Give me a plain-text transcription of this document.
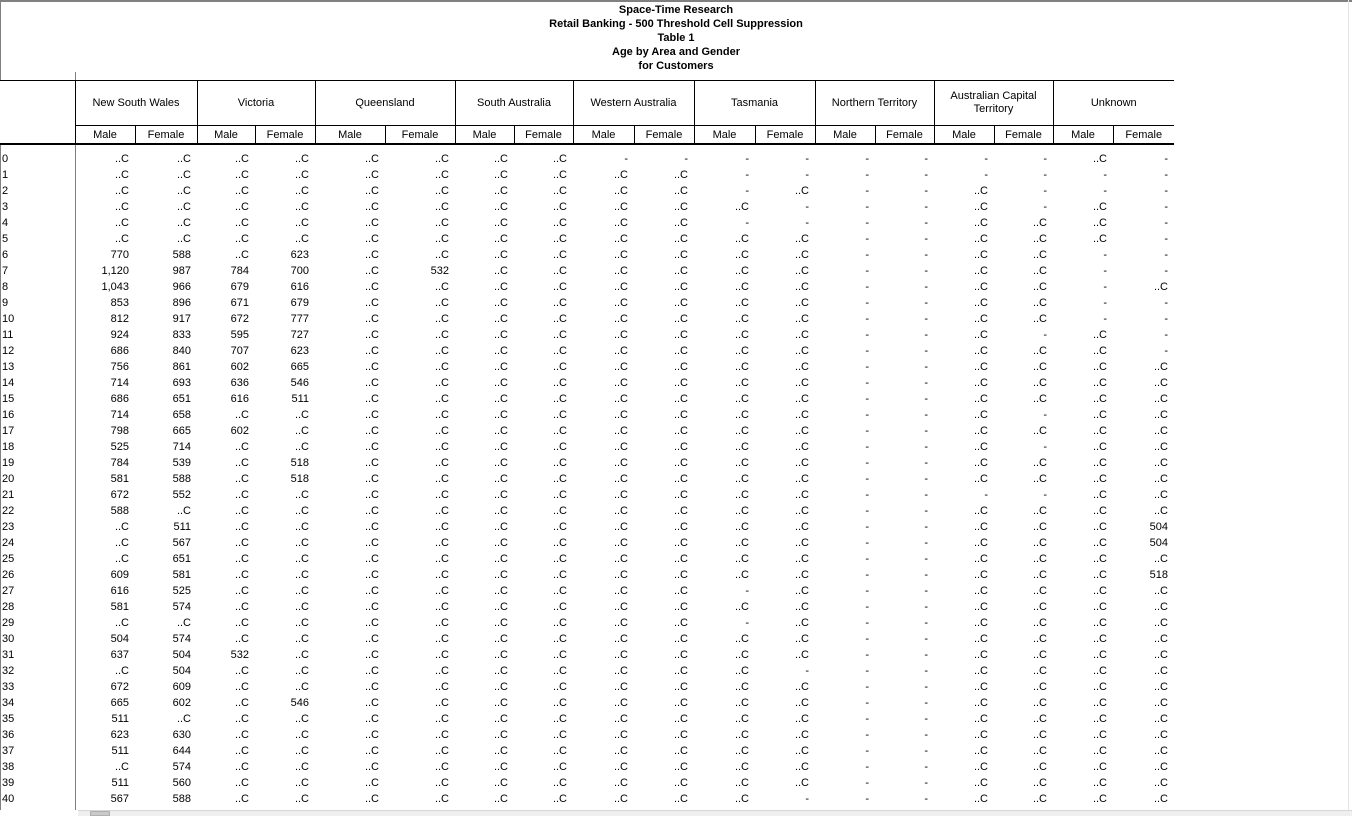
Space-Time Research
Retail Banking - 500 Threshold Cell Suppression
Table 1
Age by Area and Gender
for Customers
	New South Wales		Victoria		Queensland		South Australia		Western Australia		Tasmania		Northern Territory		Australian Capital Territory		Unknown	
	Male	Female	Male	Female	Male	Female	Male	Female	Male	Female	Male	Female	Male	Female	Male	Female	Male	Female

0	..C	..C	..C	..C	..C	..C	..C	..C	-	-	-	-	-	-	-	-	..C	-
1	..C	..C	..C	..C	..C	..C	..C	..C	..C	..C	-	-	-	-	-	-	-	-
2	..C	..C	..C	..C	..C	..C	..C	..C	..C	..C	-	..C	-	-	..C	-	-	-
3	..C	..C	..C	..C	..C	..C	..C	..C	..C	..C	..C	-	-	-	..C	-	..C	-
4	..C	..C	..C	..C	..C	..C	..C	..C	..C	..C	-	-	-	-	..C	..C	..C	-
5	..C	..C	..C	..C	..C	..C	..C	..C	..C	..C	..C	..C	-	-	..C	..C	..C	-
6	770	588	..C	623	..C	..C	..C	..C	..C	..C	..C	..C	-	-	..C	..C	-	-
7	1,120	987	784	700	..C	532	..C	..C	..C	..C	..C	..C	-	-	..C	..C	-	-
8	1,043	966	679	616	..C	..C	..C	..C	..C	..C	..C	..C	-	-	..C	..C	-	..C
9	853	896	671	679	..C	..C	..C	..C	..C	..C	..C	..C	-	-	..C	..C	-	-
10	812	917	672	777	..C	..C	..C	..C	..C	..C	..C	..C	-	-	..C	..C	-	-
11	924	833	595	727	..C	..C	..C	..C	..C	..C	..C	..C	-	-	..C	-	..C	-
12	686	840	707	623	..C	..C	..C	..C	..C	..C	..C	..C	-	-	..C	..C	..C	-
13	756	861	602	665	..C	..C	..C	..C	..C	..C	..C	..C	-	-	..C	..C	..C	..C
14	714	693	636	546	..C	..C	..C	..C	..C	..C	..C	..C	-	-	..C	..C	..C	..C
15	686	651	616	511	..C	..C	..C	..C	..C	..C	..C	..C	-	-	..C	..C	..C	..C
16	714	658	..C	..C	..C	..C	..C	..C	..C	..C	..C	..C	-	-	..C	-	..C	..C
17	798	665	602	..C	..C	..C	..C	..C	..C	..C	..C	..C	-	-	..C	..C	..C	..C
18	525	714	..C	..C	..C	..C	..C	..C	..C	..C	..C	..C	-	-	..C	-	..C	..C
19	784	539	..C	518	..C	..C	..C	..C	..C	..C	..C	..C	-	-	..C	..C	..C	..C
20	581	588	..C	518	..C	..C	..C	..C	..C	..C	..C	..C	-	-	..C	..C	..C	..C
21	672	552	..C	..C	..C	..C	..C	..C	..C	..C	..C	..C	-	-	-	-	..C	..C
22	588	..C	..C	..C	..C	..C	..C	..C	..C	..C	..C	..C	-	-	..C	..C	..C	..C
23	..C	511	..C	..C	..C	..C	..C	..C	..C	..C	..C	..C	-	-	..C	..C	..C	504
24	..C	567	..C	..C	..C	..C	..C	..C	..C	..C	..C	..C	-	-	..C	..C	..C	504
25	..C	651	..C	..C	..C	..C	..C	..C	..C	..C	..C	..C	-	-	..C	..C	..C	..C
26	609	581	..C	..C	..C	..C	..C	..C	..C	..C	..C	..C	-	-	..C	..C	..C	518
27	616	525	..C	..C	..C	..C	..C	..C	..C	..C	-	..C	-	-	..C	..C	..C	..C
28	581	574	..C	..C	..C	..C	..C	..C	..C	..C	..C	..C	-	-	..C	..C	..C	..C
29	..C	..C	..C	..C	..C	..C	..C	..C	..C	..C	-	..C	-	-	..C	..C	..C	..C
30	504	574	..C	..C	..C	..C	..C	..C	..C	..C	..C	..C	-	-	..C	..C	..C	..C
31	637	504	532	..C	..C	..C	..C	..C	..C	..C	..C	..C	-	-	..C	..C	..C	..C
32	..C	504	..C	..C	..C	..C	..C	..C	..C	..C	..C	-	-	-	..C	..C	..C	..C
33	672	609	..C	..C	..C	..C	..C	..C	..C	..C	..C	..C	-	-	..C	..C	..C	..C
34	665	602	..C	546	..C	..C	..C	..C	..C	..C	..C	..C	-	-	..C	..C	..C	..C
35	511	..C	..C	..C	..C	..C	..C	..C	..C	..C	..C	..C	-	-	..C	..C	..C	..C
36	623	630	..C	..C	..C	..C	..C	..C	..C	..C	..C	..C	-	-	..C	..C	..C	..C
37	511	644	..C	..C	..C	..C	..C	..C	..C	..C	..C	..C	-	-	..C	..C	..C	..C
38	..C	574	..C	..C	..C	..C	..C	..C	..C	..C	..C	..C	-	-	..C	..C	..C	..C
39	511	560	..C	..C	..C	..C	..C	..C	..C	..C	..C	..C	-	-	..C	..C	..C	..C
40	567	588	..C	..C	..C	..C	..C	..C	..C	..C	..C	-	-	-	..C	..C	..C	..C
